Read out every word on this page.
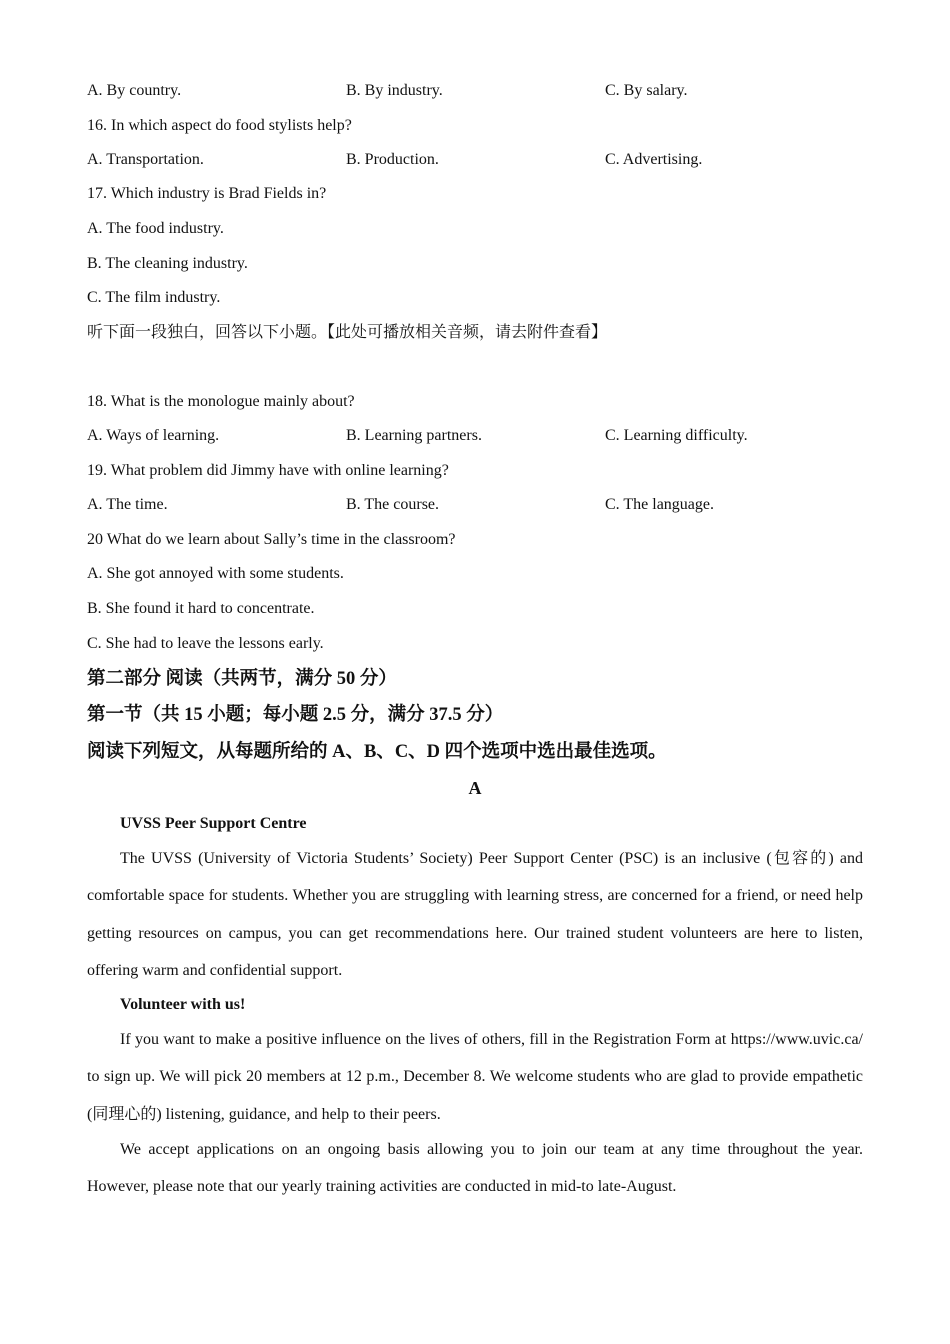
A. By country.	B. By industry.	C. By salary.
16. In which aspect do food stylists help?
A. Transportation.	B. Production.	C. Advertising.
17. Which industry is Brad Fields in?
A. The food industry.
B. The cleaning industry.
C. The film industry.
听下面一段独白，回答以下小题。【此处可播放相关音频，请去附件查看】
18. What is the monologue mainly about?
A. Ways of learning.	B. Learning partners.	C. Learning difficulty.
19. What problem did Jimmy have with online learning?
A. The time.	B. The course.	C. The language.
20 What do we learn about Sally’s time in the classroom?
A. She got annoyed with some students.
B. She found it hard to concentrate.
C. She had to leave the lessons early.
第二部分 阅读（共两节，满分 50 分）
第一节（共 15 小题；每小题 2.5 分，满分 37.5 分）
阅读下列短文，从每题所给的 A、B、C、D 四个选项中选出最佳选项。
A
UVSS Peer Support Centre
The UVSS (University of Victoria Students’ Society) Peer Support Center (PSC) is an inclusive (包容的) and comfortable space for students. Whether you are struggling with learning stress, are concerned for a friend, or need help getting resources on campus, you can get recommendations here. Our trained student volunteers are here to listen, offering warm and confidential support.
Volunteer with us!
If you want to make a positive influence on the lives of others, fill in the Registration Form at https://www.uvic.ca/ to sign up. We will pick 20 members at 12 p.m., December 8. We welcome students who are glad to provide empathetic (同理心的) listening, guidance, and help to their peers.
We accept applications on an ongoing basis allowing you to join our team at any time throughout the year. However, please note that our yearly training activities are conducted in mid-to late-August.
